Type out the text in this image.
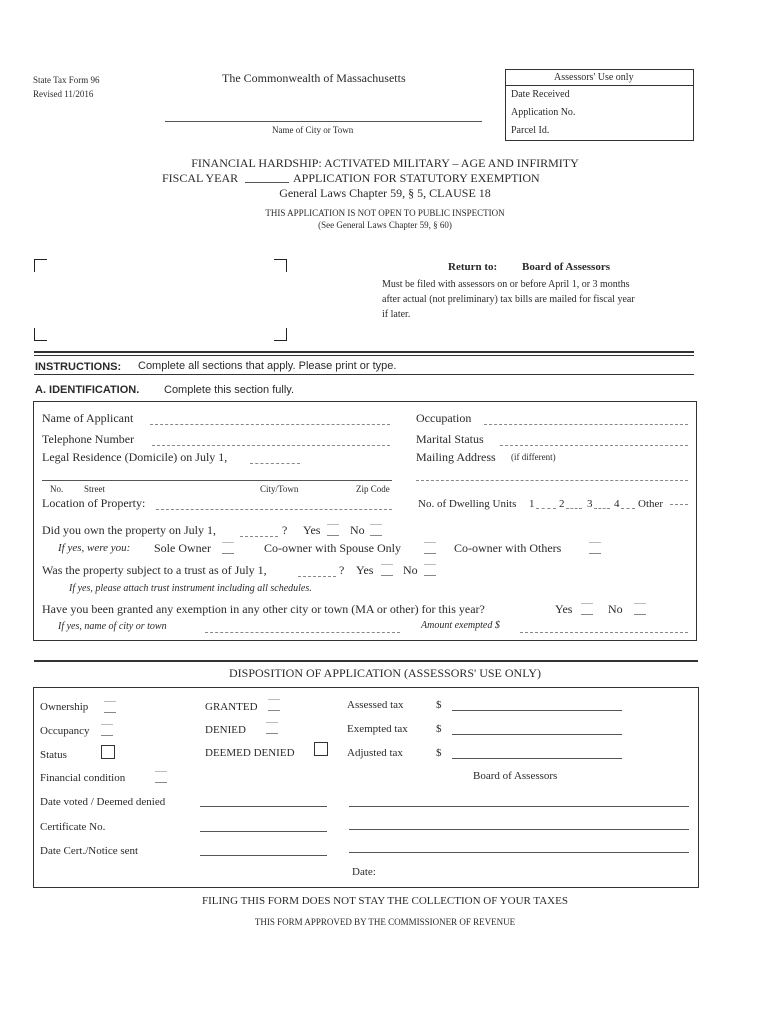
State Tax Form 96
Revised 11/2016
The Commonwealth of Massachusetts
Name of City or Town
Assessors' Use only
Date Received
Application No.
Parcel Id.
FINANCIAL HARDSHIP: ACTIVATED MILITARY – AGE AND INFIRMITY
FISCAL YEAR	APPLICATION FOR STATUTORY EXEMPTION
General Laws Chapter 59, § 5, CLAUSE 18
THIS APPLICATION IS NOT OPEN TO PUBLIC INSPECTION
(See General Laws Chapter 59, § 60)
Return to: Board of Assessors
Must be filed with assessors on or before April 1, or 3 months
after actual (not preliminary) tax bills are mailed for fiscal year
if later.
INSTRUCTIONS: Complete all sections that apply. Please print or type.
A. IDENTIFICATION. Complete this section fully.
Name of Applicant	Occupation
Telephone Number	Marital Status
Legal Residence (Domicile) on July 1,	Mailing Address (if different)
No. Street	City/Town	Zip Code
Location of Property:	No. of Dwelling Units 1 2 3 4 Other
Did you own the property on July 1,	? Yes No
If yes, were you: Sole Owner	Co-owner with Spouse Only	Co-owner with Others
Was the property subject to a trust as of July 1,	? Yes No
If yes, please attach trust instrument including all schedules.
Have you been granted any exemption in any other city or town (MA or other) for this year?	Yes	No
If yes, name of city or town	Amount exempted $
DISPOSITION OF APPLICATION (ASSESSORS' USE ONLY)
Ownership
Occupancy
Status
Financial condition
GRANTED
DENIED
DEEMED DENIED
Assessed tax	$
Exempted tax	$
Adjusted tax	$
Board of Assessors
Date voted / Deemed denied
Certificate No.
Date Cert./Notice sent
Date:
FILING THIS FORM DOES NOT STAY THE COLLECTION OF YOUR TAXES
THIS FORM APPROVED BY THE COMMISSIONER OF REVENUE
